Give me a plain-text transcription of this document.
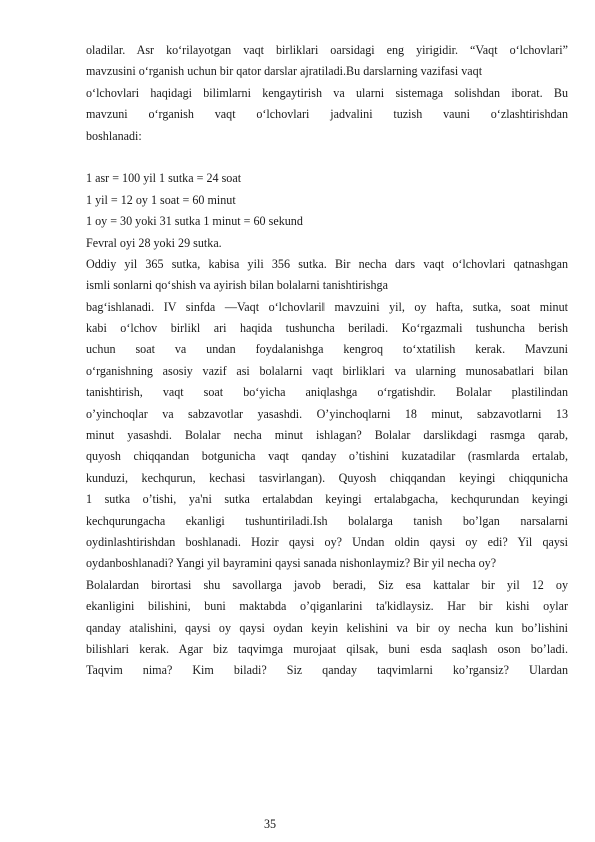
oladilar. Asr ko‘rilayotgan vaqt birliklari oarsidagi eng yirigidir. “Vaqt o‘lchovlari”
mavzusini o‘rganish uchun bir qator darslar ajratiladi.Bu darslarning vazifasi vaqt
o‘lchovlari haqidagi bilimlarni kengaytirish va ularni sistemaga solishdan iborat. Bu
mavzuni o‘rganish vaqt o‘lchovlari jadvalini tuzish vauni o‘zlashtirishdan
boshlanadi:
1 asr = 100 yil 1 sutka = 24 soat
1 yil = 12 oy 1 soat = 60 minut
1 oy = 30 yoki 31 sutka 1 minut = 60 sekund
Fevral oyi 28 yoki 29 sutka.
Oddiy yil 365 sutka, kabisa yili 356 sutka. Bir necha dars vaqt o‘lchovlari qatnashgan
ismli sonlarni qo‘shish va ayirish bilan bolalarni tanishtirishga
bag‘ishlanadi. IV sinfda ―Vaqt o‘lchovlari‖ mavzuini yil, oy hafta, sutka, soat minut
kabi o‘lchov birlikl ari haqida tushuncha beriladi. Ko‘rgazmali tushuncha berish
uchun soat va undan foydalanishga kengroq to‘xtatilish kerak. Mavzuni
o‘rganishning asosiy vazif asi bolalarni vaqt birliklari va ularning munosabatlari bilan
tanishtirish, vaqt soat bo‘yicha aniqlashga o‘rgatishdir. Bolalar plastilindan
o’yinchoqlar va sabzavotlar yasashdi. O’yinchoqlarni 18 minut, sabzavotlarni 13
minut yasashdi. Bolalar necha minut ishlagan? Bolalar darslikdagi rasmga qarab,
quyosh chiqqandan botgunicha vaqt qanday o’tishini kuzatadilar (rasmlarda ertalab,
kunduzi, kechqurun, kechasi tasvirlangan). Quyosh chiqqandan keyingi chiqqunicha
1 sutka o’tishi, ya'ni sutka ertalabdan keyingi ertalabgacha, kechqurundan keyingi
kechqurungacha ekanligi tushuntiriladi.Ish bolalarga tanish bo’lgan narsalarni
oydinlashtirishdan boshlanadi. Hozir qaysi oy? Undan oldin qaysi oy edi? Yil qaysi
oydanboshlanadi? Yangi yil bayramini qaysi sanada nishonlaymiz? Bir yil necha oy?
Bolalardan birortasi shu savollarga javob beradi, Siz esa kattalar bir yil 12 oy
ekanligini bilishini, buni maktabda o’qiganlarini ta'kidlaysiz. Har bir kishi oylar
qanday atalishini, qaysi oy qaysi oydan keyin kelishini va bir oy necha kun bo’lishini
bilishlari kerak. Agar biz taqvimga murojaat qilsak, buni esda saqlash oson bo’ladi.
Taqvim nima? Kim biladi? Siz qanday taqvimlarni ko’rgansiz? Ulardan
35
